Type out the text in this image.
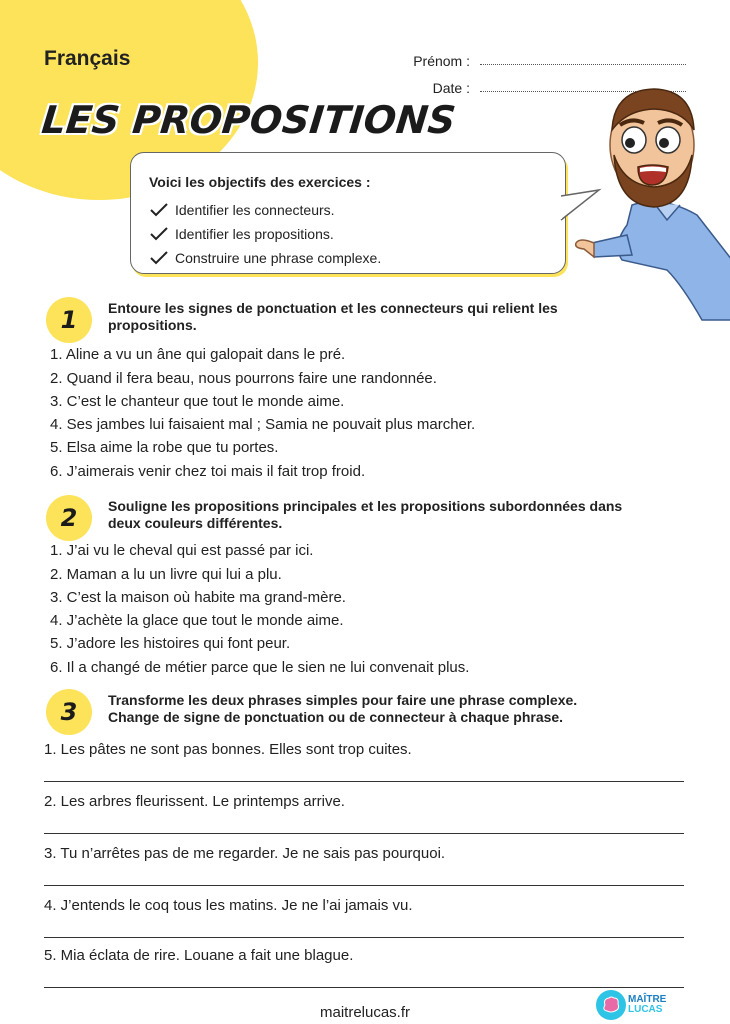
Français	Prénom :
Date :
LES PROPOSITIONS
Voici les objectifs des exercices :
Identifier les connecteurs.
Identifier les propositions.
Construire une phrase complexe.
1	Entoure les signes de ponctuation et les connecteurs qui relient les propositions.
1. Aline a vu un âne qui galopait dans le pré.
2. Quand il fera beau, nous pourrons faire une randonnée.
3. C’est le chanteur que tout le monde aime.
4. Ses jambes lui faisaient mal ; Samia ne pouvait plus marcher.
5. Elsa aime la robe que tu portes.
6. J’aimerais venir chez toi mais il fait trop froid.
2	Souligne les propositions principales et les propositions subordonnées dans deux couleurs différentes.
1. J’ai vu le cheval qui est passé par ici.
2. Maman a lu un livre qui lui a plu.
3. C’est la maison où habite ma grand-mère.
4. J’achète la glace que tout le monde aime.
5. J’adore les histoires qui font peur.
6. Il a changé de métier parce que le sien ne lui convenait plus.
3	Transforme les deux phrases simples pour faire une phrase complexe.
Change de signe de ponctuation ou de connecteur à chaque phrase.
1. Les pâtes ne sont pas bonnes. Elles sont trop cuites.
2. Les arbres fleurissent. Le printemps arrive.
3. Tu n’arrêtes pas de me regarder. Je ne sais pas pourquoi.
4. J’entends le coq tous les matins. Je ne l’ai jamais vu.
5. Mia éclata de rire. Louane a fait une blague.
maitrelucas.fr
MAÎTRE
LUCAS
